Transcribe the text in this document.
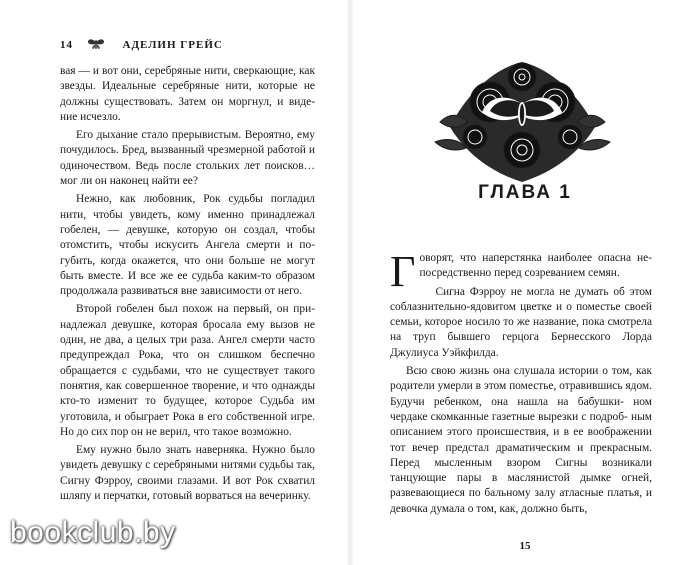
14	АДЕЛИН ГРЕЙС

вая — и вот они, серебряные нити, сверкающие, как звезды. Идеальные серебряные нити, которые не должны существовать. Затем он моргнул, и виде- ние исчезло.

Его дыхание стало прерывистым. Вероятно, ему почудилось. Бред, вызванный чрезмерной работой и одиночеством. Ведь после стольких лет поисков… мог ли он наконец найти ее?

Нежно, как любовник, Рок судьбы погладил нити, чтобы увидеть, кому именно принадлежал гобелен, — девушке, которую он создал, чтобы отомстить, чтобы искусить Ангела смерти и по- губить, когда окажется, что они больше не могут быть вместе. И все же ее судьба каким-то образом продолжала развиваться вне зависимости от него.

Второй гобелен был похож на первый, он при- надлежал девушке, которая бросала ему вызов не один, не два, а целых три раза. Ангел смерти часто предупреждал Рока, что он слишком беспечно обращается с судьбами, что не существует такого понятия, как совершенное творение, и что однажды кто-то изменит то будущее, которое Судьба им уготовила, и обыграет Рока в его собственной игре. Но до сих пор он не верил, что такое возможно.

Ему нужно было знать наверняка. Нужно было увидеть девушку с серебряными нитями судьбы так, Сигну Фэрроу, своими глазами. И вот Рок схватил шляпу и перчатки, готовый ворваться на вечеринку.

ГЛАВА 1

Говорят, что наперстянка наиболее опасна не- посредственно перед созреванием семян.

Сигна Фэрроу не могла не думать об этом соблазнительно-ядовитом цветке и о поместье своей семьи, которое носило то же название, пока смотрела на труп бывшего герцога Бернесского Лорда Джулиуса Уэйкфилда.

Всю свою жизнь она слушала истории о том, как родители умерли в этом поместье, отравившись ядом. Будучи ребенком, она нашла на бабушки- ном чердаке скомканные газетные вырезки с подроб- ным описанием этого происшествия, и в ее воображении тот вечер предстал драматическим и прекрасным. Перед мысленным взором Сигны возникали танцующие пары в маслянистой дымке огней, развевающиеся по бальному залу атласные платья, и девочка думала о том, как, должно быть,

15
bookclub.by
